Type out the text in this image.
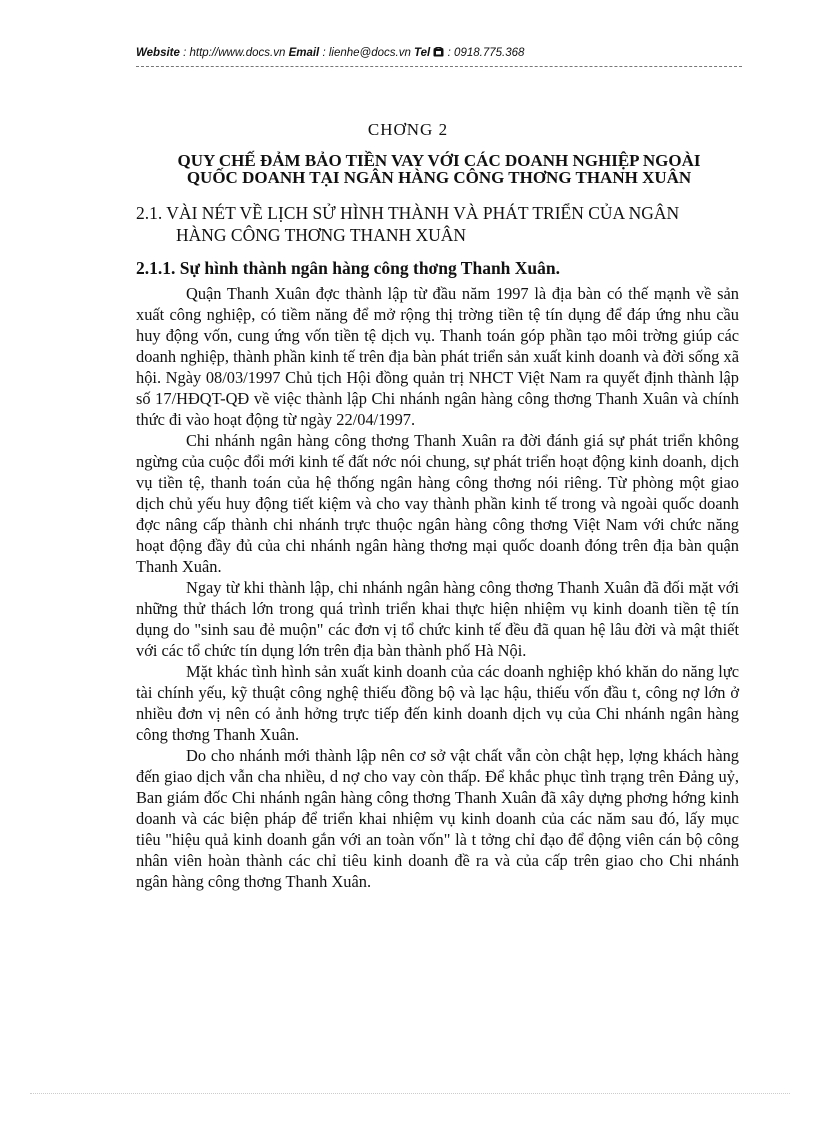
Website : http://www.docs.vn Email : lienhe@docs.vn Tel : 0918.775.368
CHƠNG 2
QUY CHẾ ĐẢM BẢO TIỀN VAY VỚI CÁC DOANH NGHIỆP NGOÀI
QUỐC DOANH TẠI NGÂN HÀNG CÔNG THƠNG THANH XUÂN
2.1. VÀI NÉT VỀ LỊCH SỬ HÌNH THÀNH VÀ PHÁT TRIỂN CỦA NGÂN
HÀNG CÔNG THƠNG THANH XUÂN
2.1.1. Sự hình thành ngân hàng công thơng Thanh Xuân.

Quận Thanh Xuân đợc thành lập từ đầu năm 1997 là địa bàn có thế mạnh về sản xuất công nghiệp, có tiềm năng để mở rộng thị trờng tiền tệ tín dụng để đáp ứng nhu cầu huy động vốn, cung ứng vốn tiền tệ dịch vụ. Thanh toán góp phần tạo môi trờng giúp các doanh nghiệp, thành phần kinh tế trên địa bàn phát triển sản xuất kinh doanh và đời sống xã hội. Ngày 08/03/1997 Chủ tịch Hội đồng quản trị NHCT Việt Nam ra quyết định thành lập số 17/HĐQT-QĐ về việc thành lập Chi nhánh ngân hàng công thơng Thanh Xuân và chính thức đi vào hoạt động từ ngày 22/04/1997.

Chi nhánh ngân hàng công thơng Thanh Xuân ra đời đánh giá sự phát triển không ngừng của cuộc đổi mới kinh tế đất nớc nói chung, sự phát triển hoạt động kinh doanh, dịch vụ tiền tệ, thanh toán của hệ thống ngân hàng công thơng nói riêng. Từ phòng một giao dịch chủ yếu huy động tiết kiệm và cho vay thành phần kinh tế trong và ngoài quốc doanh đợc nâng cấp thành chi nhánh trực thuộc ngân hàng công thơng Việt Nam với chức năng hoạt động đầy đủ của chi nhánh ngân hàng thơng mại quốc doanh đóng trên địa bàn quận Thanh Xuân.

Ngay từ khi thành lập, chi nhánh ngân hàng công thơng Thanh Xuân đã đối mặt với những thử thách lớn trong quá trình triển khai thực hiện nhiệm vụ kinh doanh tiền tệ tín dụng do "sinh sau đẻ muộn" các đơn vị tổ chức kinh tế đều đã quan hệ lâu đời và mật thiết với các tổ chức tín dụng lớn trên địa bàn thành phố Hà Nội.

Mặt khác tình hình sản xuất kinh doanh của các doanh nghiệp khó khăn do năng lực tài chính yếu, kỹ thuật công nghệ thiếu đồng bộ và lạc hậu, thiếu vốn đầu t, công nợ lớn ở nhiều đơn vị nên có ảnh hởng trực tiếp đến kinh doanh dịch vụ của Chi nhánh ngân hàng công thơng Thanh Xuân.

Do cho nhánh mới thành lập nên cơ sở vật chất vẫn còn chật hẹp, lợng khách hàng đến giao dịch vẫn cha nhiều, d nợ cho vay còn thấp. Để khắc phục tình trạng trên Đảng uỷ, Ban giám đốc Chi nhánh ngân hàng công thơng Thanh Xuân đã xây dựng phơng hớng kinh doanh và các biện pháp để triển khai nhiệm vụ kinh doanh của các năm sau đó, lấy mục tiêu "hiệu quả kinh doanh gắn với an toàn vốn" là t tởng chỉ đạo để động viên cán bộ công nhân viên hoàn thành các chỉ tiêu kinh doanh đề ra và của cấp trên giao cho Chi nhánh ngân hàng công thơng Thanh Xuân.
